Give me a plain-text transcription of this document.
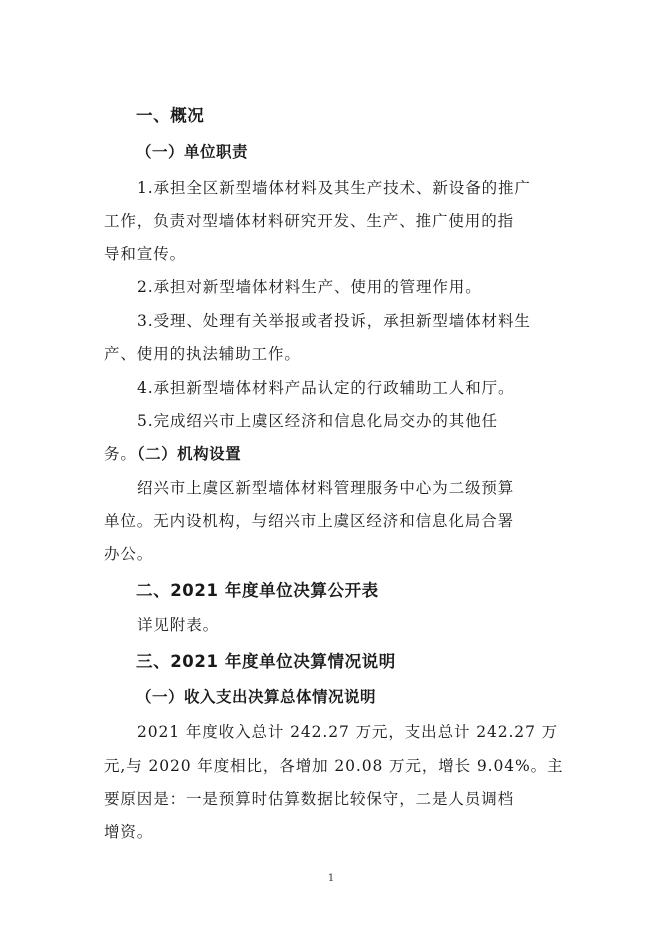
一、概况
（一）单位职责
1.承担全区新型墙体材料及其生产技术、新设备的推广
工作，负责对型墙体材料研究开发、生产、推广使用的指
导和宣传。
2.承担对新型墙体材料生产、使用的管理作用。
3.受理、处理有关举报或者投诉，承担新型墙体材料生
产、使用的执法辅助工作。
4.承担新型墙体材料产品认定的行政辅助工人和厅。
5.完成绍兴市上虞区经济和信息化局交办的其他任
务。（二）机构设置
绍兴市上虞区新型墙体材料管理服务中心为二级预算
单位。无内设机构，与绍兴市上虞区经济和信息化局合署
办公。
二、2021 年度单位决算公开表
详见附表。
三、2021 年度单位决算情况说明
（一）收入支出决算总体情况说明
2021 年度收入总计 242.27 万元，支出总计 242.27 万
元,与 2020 年度相比，各增加 20.08 万元，增长 9.04%。主
要原因是：一是预算时估算数据比较保守，二是人员调档
增资。
1
